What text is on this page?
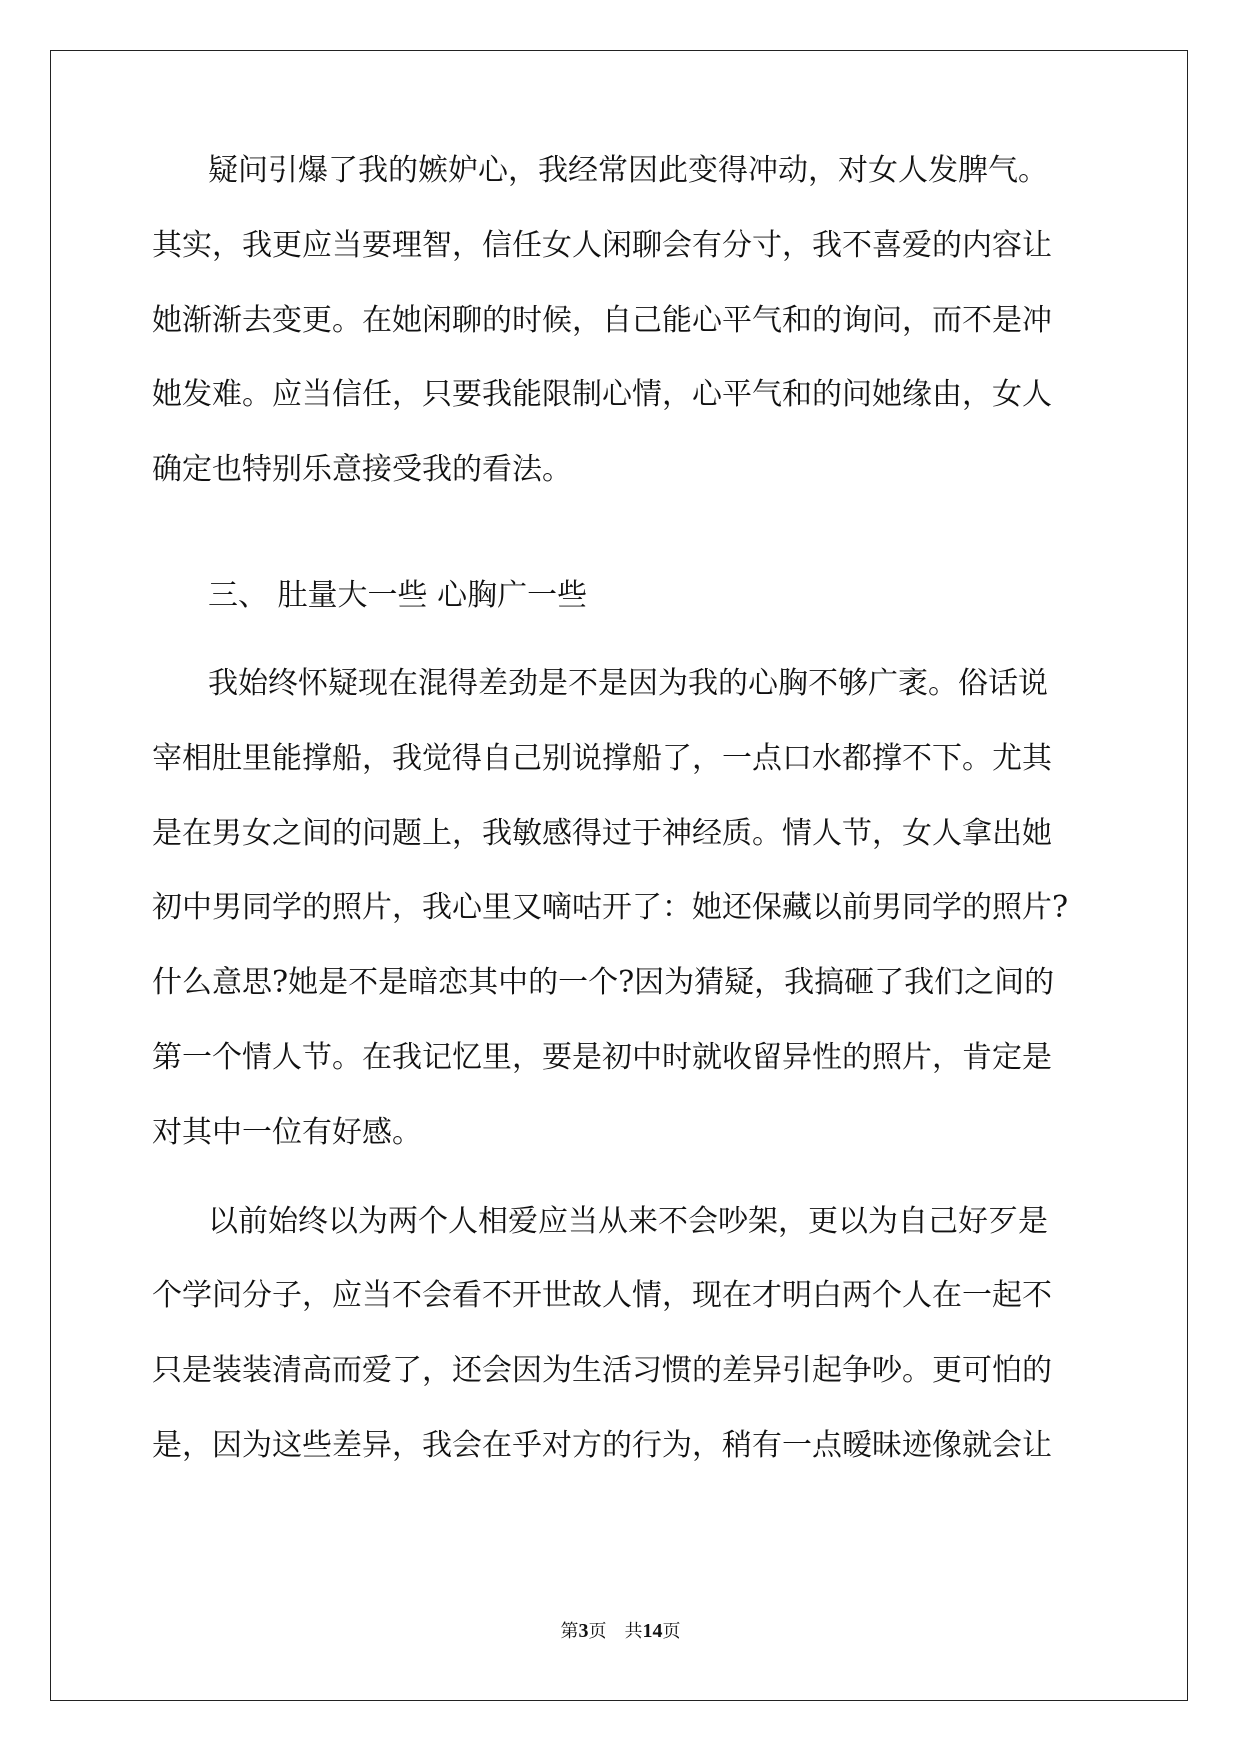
疑问引爆了我的嫉妒心，我经常因此变得冲动，对女人发脾气。
其实，我更应当要理智，信任女人闲聊会有分寸，我不喜爱的内容让
她渐渐去变更。在她闲聊的时候，自己能心平气和的询问，而不是冲
她发难。应当信任，只要我能限制心情，心平气和的问她缘由，女人
确定也特别乐意接受我的看法。
三、 肚量大一些 心胸广一些
我始终怀疑现在混得差劲是不是因为我的心胸不够广袤。俗话说
宰相肚里能撑船，我觉得自己别说撑船了，一点口水都撑不下。尤其
是在男女之间的问题上，我敏感得过于神经质。情人节，女人拿出她
初中男同学的照片，我心里又嘀咕开了：她还保藏以前男同学的照片?
什么意思?她是不是暗恋其中的一个?因为猜疑，我搞砸了我们之间的
第一个情人节。在我记忆里，要是初中时就收留异性的照片，肯定是
对其中一位有好感。
以前始终以为两个人相爱应当从来不会吵架，更以为自己好歹是
个学问分子，应当不会看不开世故人情，现在才明白两个人在一起不
只是装装清高而爱了，还会因为生活习惯的差异引起争吵。更可怕的
是，因为这些差异，我会在乎对方的行为，稍有一点暧昧迹像就会让
第3页 共14页
